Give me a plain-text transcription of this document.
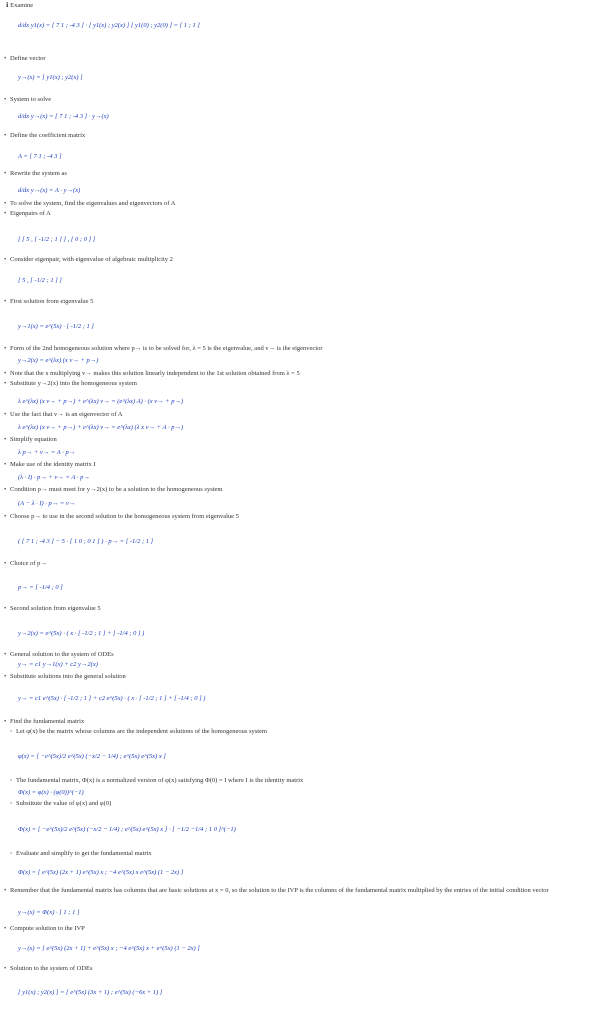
ℹ Examine
d/dx y1(x) = [ 7 1 ; -4 3 ] · [ y1(x) ; y2(x) ] [ y1(0) ; y2(0) ] = [ 1 ; 1 ]
• Define vector
y→(x) = [ y1(x) ; y2(x) ]
• System to solve
d/dx y→(x) = [ 7 1 ; -4 3 ] · y→(x)
• Define the coefficient matrix
A = [ 7 1 ; -4 3 ]
• Rewrite the system as
d/dx y→(x) = A · y→(x)
• To solve the system, find the eigenvalues and eigenvectors of A
• Eigenpairs of A
[ [ 5 , [ -1/2 ; 1 ] ] , [ 0 ; 0 ] ]
• Consider eigenpair, with eigenvalue of algebraic multiplicity 2
[ 5 , [ -1/2 ; 1 ] ]
• First solution from eigenvalue 5
y→1(x) = e^(5x) · [ -1/2 ; 1 ]
• Form of the 2nd homogeneous solution where p→ is to be solved for, λ = 5 is the eigenvalue, and v→ is the eigenvector
y→2(x) = e^(λx) (x v→ + p→)
• Note that the x multiplying v→ makes this solution linearly independent to the 1st solution obtained from λ = 5
• Substitute y→2(x) into the homogeneous system
λ e^(λx) (x v→ + p→) + e^(λx) v→ = (e^(λx) A) · (x v→ + p→)
• Use the fact that v→ is an eigenvector of A
λ e^(λx) (x v→ + p→) + e^(λx) v→ = e^(λx) (λ x v→ + A · p→)
• Simplify equation
λ p→ + v→ = A · p→
• Make use of the identity matrix I
(λ · I) · p→ + v→ = A · p→
• Condition p→ must meet for y→2(x) to be a solution to the homogeneous system
(A − λ · I) · p→ = v→
• Choose p→ to use in the second solution to the homogeneous system from eigenvalue 5
( [ 7 1 ; -4 3 ] − 5 · [ 1 0 ; 0 1 ] ) · p→ = [ -1/2 ; 1 ]
• Choice of p→
p→ = [ -1/4 ; 0 ]
• Second solution from eigenvalue 5
y→2(x) = e^(5x) · ( x · [ -1/2 ; 1 ] + [ -1/4 ; 0 ] )
• General solution to the system of ODEs
y→ = c1 y→1(x) + c2 y→2(x)
• Substitute solutions into the general solution
y→ = c1 e^(5x) · [ -1/2 ; 1 ] + c2 e^(5x) · ( x · [ -1/2 ; 1 ] + [ -1/4 ; 0 ] )
• Find the fundamental matrix
◦ Let φ(x) be the matrix whose columns are the independent solutions of the homogeneous system
φ(x) = [ −e^(5x)/2 e^(5x) (−x/2 − 1/4) ; e^(5x) e^(5x) x ]
◦ The fundamental matrix, Φ(x) is a normalized version of φ(x) satisfying Φ(0) = I where I is the identity matrix
Φ(x) = φ(x) · (φ(0))^(−1)
◦ Substitute the value of φ(x) and φ(0)
Φ(x) = [ −e^(5x)/2 e^(5x) (−x/2 − 1/4) ; e^(5x) e^(5x) x ] · [ −1/2 −1/4 ; 1 0 ]^(−1)
◦ Evaluate and simplify to get the fundamental matrix
Φ(x) = [ e^(5x) (2x + 1) e^(5x) x ; −4 e^(5x) x e^(5x) (1 − 2x) ]
• Remember that the fundamental matrix has columns that are basic solutions at x = 0, so the solution to the IVP is the columns of the fundamental matrix multiplied by the entries of the initial condition vector
y→(x) = Φ(x) · [ 1 ; 1 ]
• Compute solution to the IVP
y→(x) = [ e^(5x) (2x + 1) + e^(5x) x ; −4 e^(5x) x + e^(5x) (1 − 2x) ]
• Solution to the system of ODEs
[ y1(x) ; y2(x) ] = [ e^(5x) (3x + 1) ; e^(5x) (−6x + 1) ]
